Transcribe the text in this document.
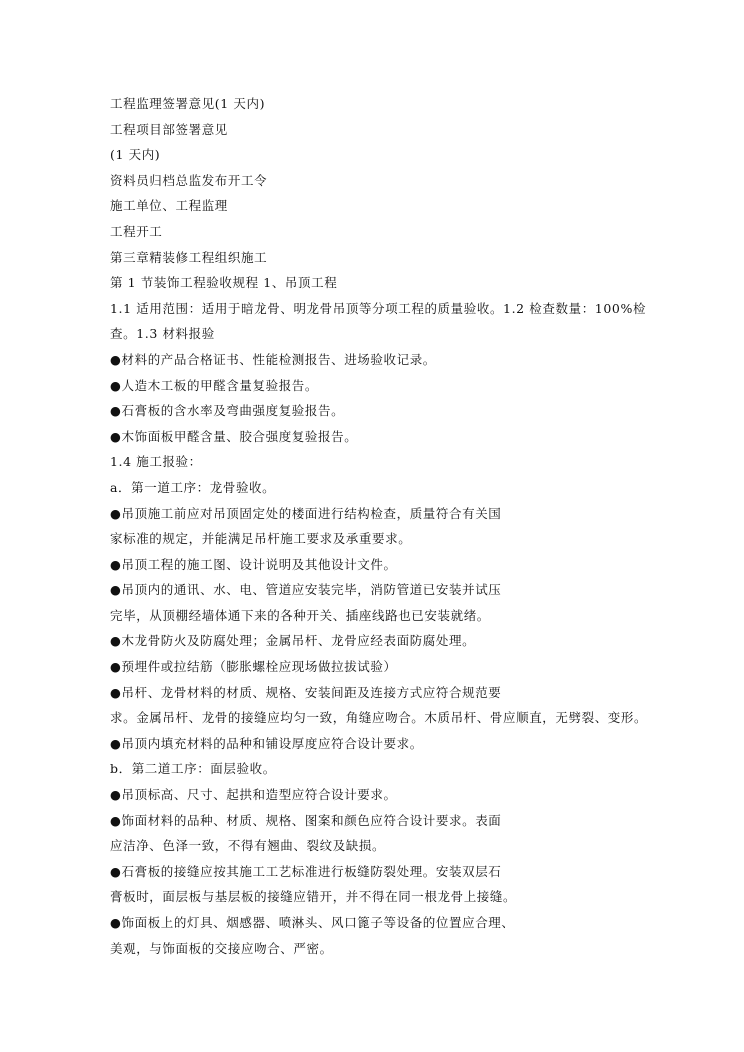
工程监理签署意见(1 天内)
工程项目部签署意见
(1 天内)
资料员归档总监发布开工令
施工单位、工程监理
工程开工
第三章精装修工程组织施工
第 1 节装饰工程验收规程 1、吊顶工程
1.1 适用范围：适用于暗龙骨、明龙骨吊顶等分项工程的质量验收。1.2 检查数量：100%检
查。1.3 材料报验
●材料的产品合格证书、性能检测报告、进场验收记录。
●人造木工板的甲醛含量复验报告。
●石膏板的含水率及弯曲强度复验报告。
●木饰面板甲醛含量、胶合强度复验报告。
1.4 施工报验：
a．第一道工序：龙骨验收。
●吊顶施工前应对吊顶固定处的楼面进行结构检查，质量符合有关国
家标准的规定，并能满足吊杆施工要求及承重要求。
●吊顶工程的施工图、设计说明及其他设计文件。
●吊顶内的通讯、水、电、管道应安装完毕，消防管道已安装并试压
完毕，从顶棚经墙体通下来的各种开关、插座线路也已安装就绪。
●木龙骨防火及防腐处理；金属吊杆、龙骨应经表面防腐处理。
●预埋件或拉结筋（膨胀螺栓应现场做拉拔试验）
●吊杆、龙骨材料的材质、规格、安装间距及连接方式应符合规范要
求。金属吊杆、龙骨的接缝应均匀一致，角缝应吻合。木质吊杆、骨应顺直，无劈裂、变形。
●吊顶内填充材料的品种和铺设厚度应符合设计要求。
b．第二道工序：面层验收。
●吊顶标高、尺寸、起拱和造型应符合设计要求。
●饰面材料的品种、材质、规格、图案和颜色应符合设计要求。表面
应洁净、色泽一致，不得有翘曲、裂纹及缺损。
●石膏板的接缝应按其施工工艺标准进行板缝防裂处理。安装双层石
膏板时，面层板与基层板的接缝应错开，并不得在同一根龙骨上接缝。
●饰面板上的灯具、烟感器、喷淋头、风口篦子等设备的位置应合理、
美观，与饰面板的交接应吻合、严密。
